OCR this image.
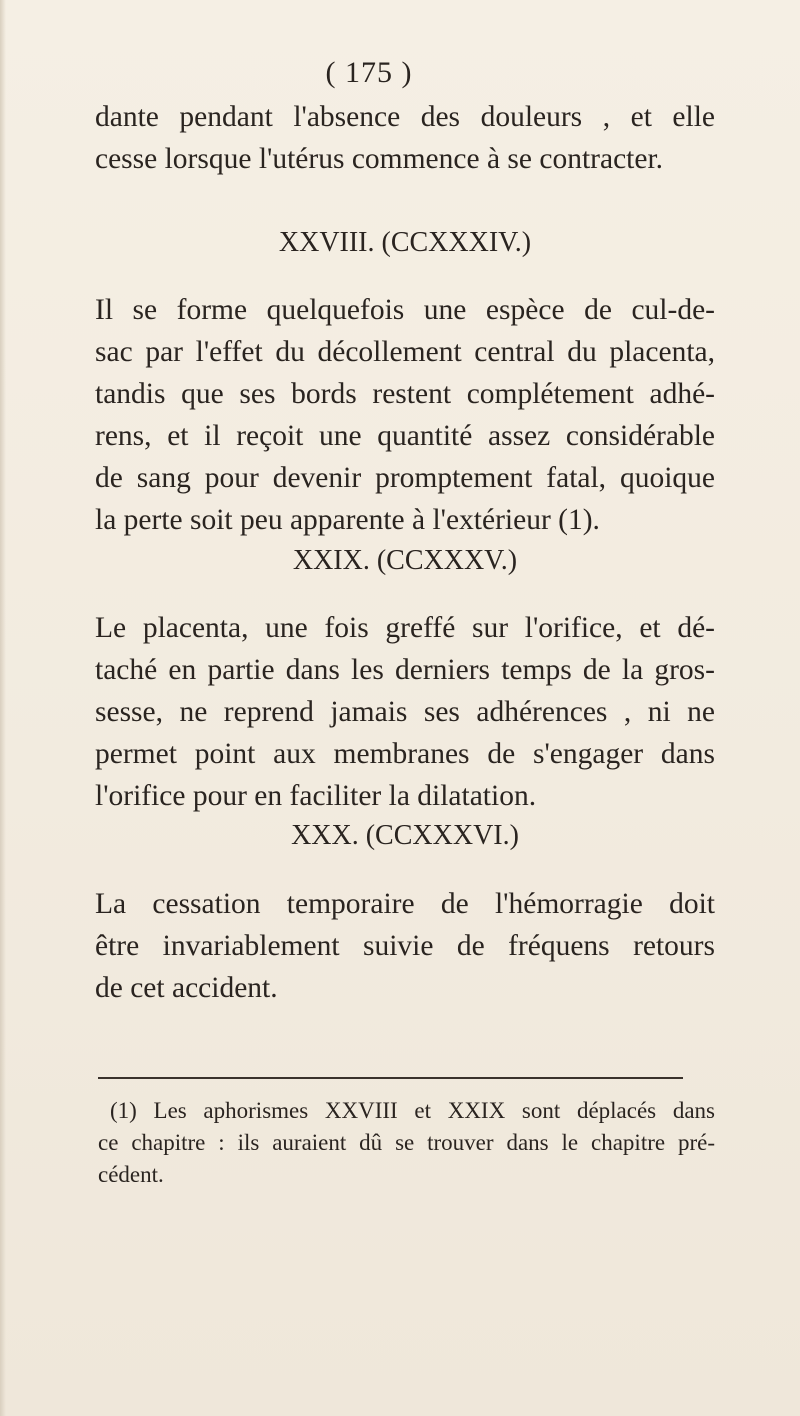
( 175 )
dante pendant l'absence des douleurs , et elle
cesse lorsque l'utérus commence à se contracter.
XXVIII. (CCXXXIV.)
Il se forme quelquefois une espèce de cul-de-
sac par l'effet du décollement central du placenta,
tandis que ses bords restent complétement adhé-
rens, et il reçoit une quantité assez considérable
de sang pour devenir promptement fatal, quoique
la perte soit peu apparente à l'extérieur (1).
XXIX. (CCXXXV.)
Le placenta, une fois greffé sur l'orifice, et dé-
taché en partie dans les derniers temps de la gros-
sesse, ne reprend jamais ses adhérences , ni ne
permet point aux membranes de s'engager dans
l'orifice pour en faciliter la dilatation.
XXX. (CCXXXVI.)
La cessation temporaire de l'hémorragie doit
être invariablement suivie de fréquens retours
de cet accident.
(1) Les aphorismes XXVIII et XXIX sont déplacés dans
ce chapitre : ils auraient dû se trouver dans le chapitre pré-
cédent.
